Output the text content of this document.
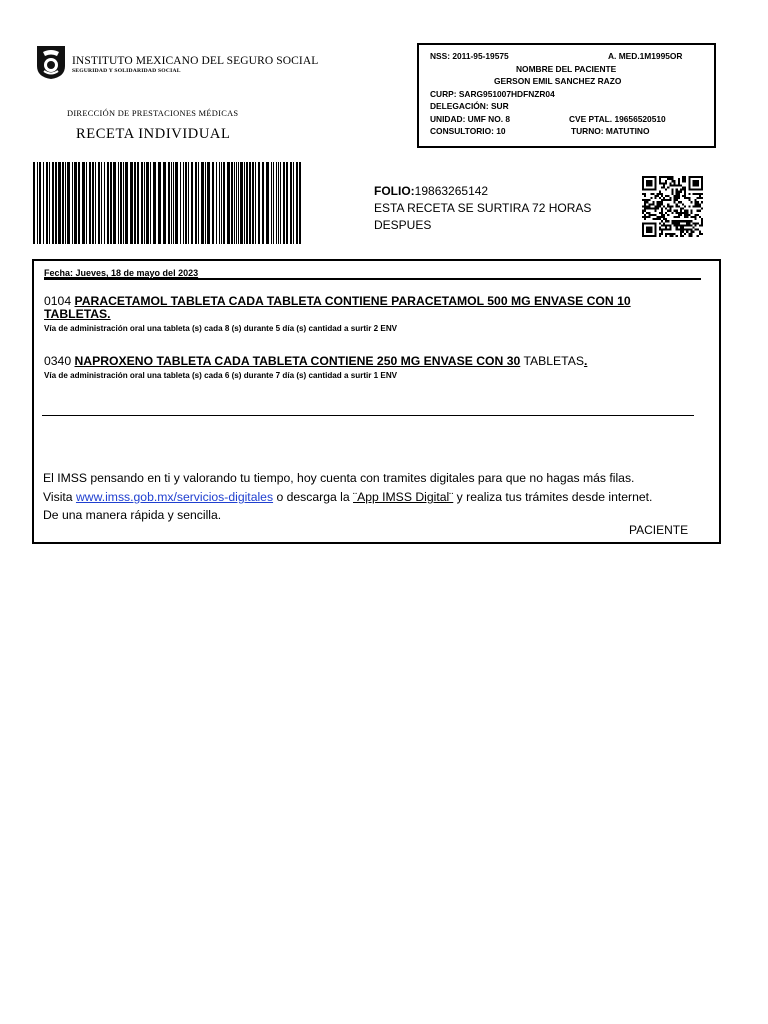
INSTITUTO MEXICANO DEL SEGURO SOCIAL
SEGURIDAD Y SOLIDARIDAD SOCIAL
DIRECCIÓN DE PRESTACIONES MÉDICAS
RECETA INDIVIDUAL
NSS: 2011-95-19575	A. MED.1M1995OR
NOMBRE DEL PACIENTE
GERSON EMIL SANCHEZ RAZO
CURP: SARG951007HDFNZR04
DELEGACIÓN: SUR
UNIDAD: UMF NO. 8	CVE PTAL. 19656520510
CONSULTORIO: 10	TURNO: MATUTINO
FOLIO:19863265142
ESTA RECETA SE SURTIRA 72 HORAS
DESPUES
Fecha: Jueves, 18 de mayo del 2023
0104 PARACETAMOL TABLETA CADA TABLETA CONTIENE PARACETAMOL 500 MG ENVASE CON 10
TABLETAS.
Vía de administración oral una tableta (s) cada 8 (s) durante 5 día (s) cantidad a surtir 2 ENV
0340 NAPROXENO TABLETA CADA TABLETA CONTIENE 250 MG ENVASE CON 30 TABLETAS.
Vía de administración oral una tableta (s) cada 6 (s) durante 7 día (s) cantidad a surtir 1 ENV
El IMSS pensando en ti y valorando tu tiempo, hoy cuenta con tramites digitales para que no hagas más filas.
Visita www.imss.gob.mx/servicios-digitales o descarga la ¨App IMSS Digital¨ y realiza tus trámites desde internet.
De una manera rápida y sencilla.
PACIENTE
